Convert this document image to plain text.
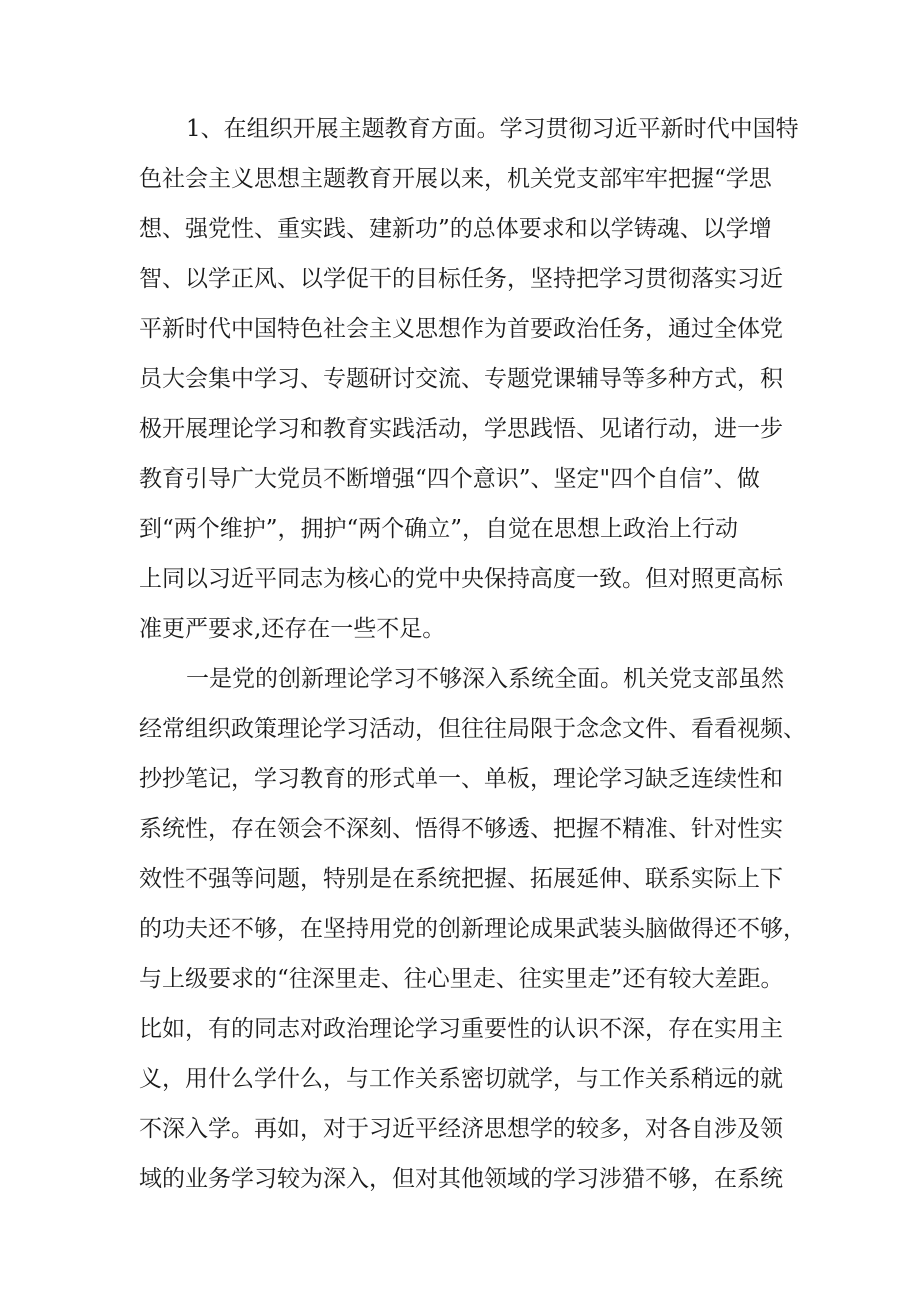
1、在组织开展主题教育方面。学习贯彻习近平新时代中国特
色社会主义思想主题教育开展以来，机关党支部牢牢把握“学思
想、强党性、重实践、建新功”的总体要求和以学铸魂、以学增
智、以学正风、以学促干的目标任务，坚持把学习贯彻落实习近
平新时代中国特色社会主义思想作为首要政治任务，通过全体党
员大会集中学习、专题研讨交流、专题党课辅导等多种方式，积
极开展理论学习和教育实践活动，学思践悟、见诸行动，进一步
教育引导广大党员不断增强“四个意识”、坚定"四个自信”、做
到“两个维护”，拥护“两个确立”，自觉在思想上政治上行动
上同以习近平同志为核心的党中央保持高度一致。但对照更高标
准更严要求,还存在一些不足。
一是党的创新理论学习不够深入系统全面。机关党支部虽然
经常组织政策理论学习活动，但往往局限于念念文件、看看视频、
抄抄笔记，学习教育的形式单一、单板，理论学习缺乏连续性和
系统性，存在领会不深刻、悟得不够透、把握不精准、针对性实
效性不强等问题，特别是在系统把握、拓展延伸、联系实际上下
的功夫还不够，在坚持用党的创新理论成果武装头脑做得还不够，
与上级要求的“往深里走、往心里走、往实里走”还有较大差距。
比如，有的同志对政治理论学习重要性的认识不深，存在实用主
义，用什么学什么，与工作关系密切就学，与工作关系稍远的就
不深入学。再如，对于习近平经济思想学的较多，对各自涉及领
域的业务学习较为深入，但对其他领域的学习涉猎不够，在系统
